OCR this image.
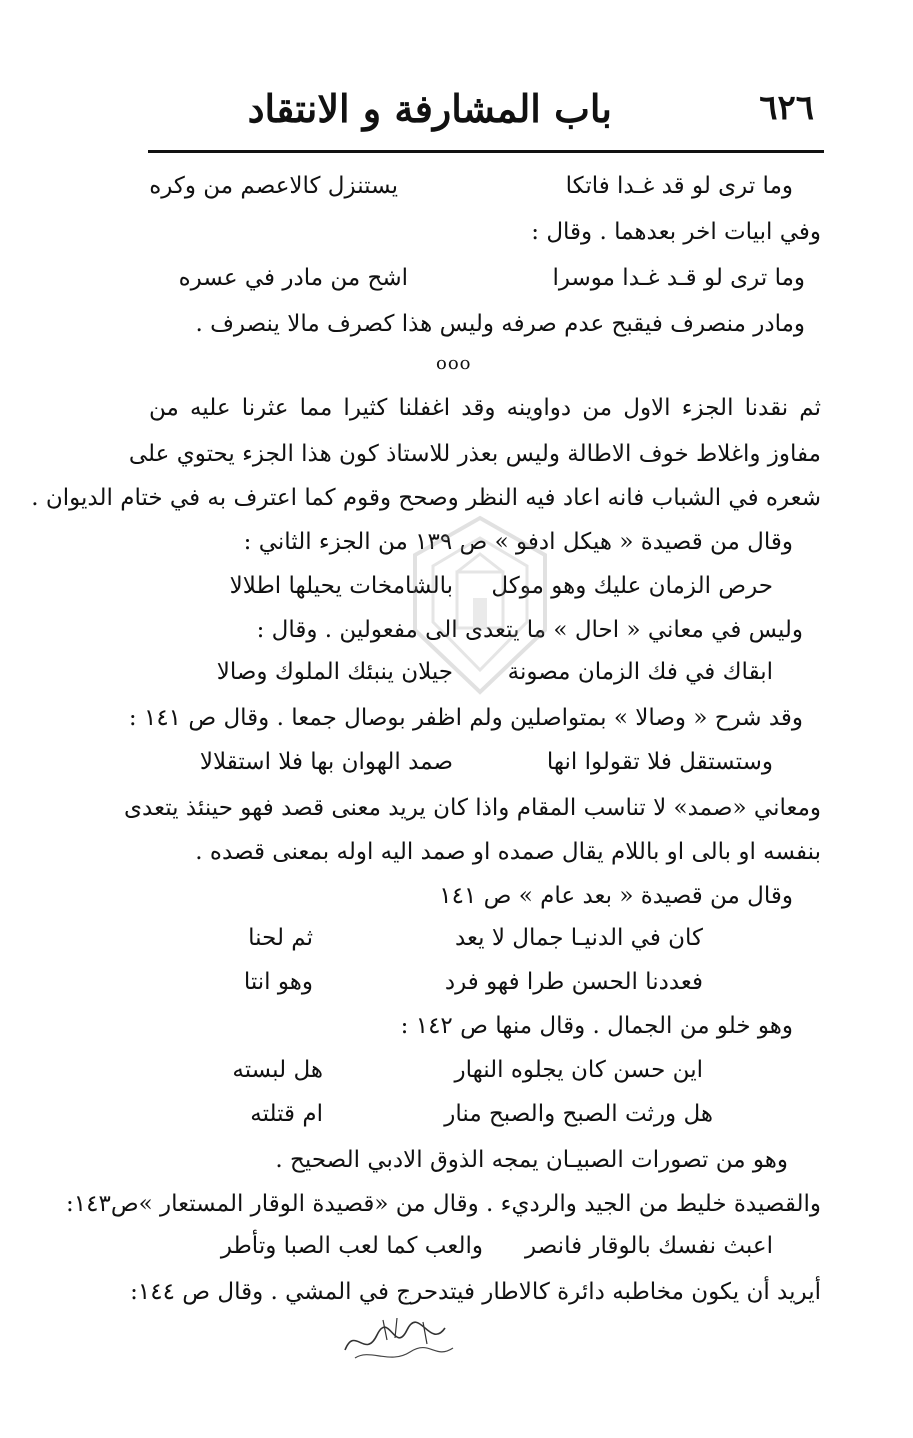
٦٢٦
باب المشارفة و الانتقاد
وما ترى لو قد غـدا فاتكا
يستنزل كالاعصم من وكره
وفي ابيات اخر بعدهما . وقال :
وما ترى لو قـد غـدا موسرا
اشح من مادر في عسره
ومادر منصرف فيقبح عدم صرفه وليس هذا كصرف مالا ينصرف .
ooo
ثم نقدنا الجزء الاول من دواوينه وقد اغفلنا كثيرا مما عثرنا عليه من
مفاوز واغلاط خوف الاطالة وليس بعذر للاستاذ كون هذا الجزء يحتوي على
شعره في الشباب فانه اعاد فيه النظر وصحح وقوم كما اعترف به في ختام الديوان .
وقال من قصيدة « هيكل ادفو » ص ١٣٩ من الجزء الثاني :
حرص الزمان عليك وهو موكل
بالشامخات يحيلها اطلالا
وليس في معاني « احال » ما يتعدى الى مفعولين . وقال :
ابقاك في فك الزمان مصونة
جيلان ينبئك الملوك وصالا
وقد شرح « وصالا » بمتواصلين ولم اظفر بوصال جمعا . وقال ص ١٤١ :
وستستقل فلا تقولوا انها
صمد الهوان بها فلا استقلالا
ومعاني «صمد» لا تناسب المقام واذا كان يريد معنى قصد فهو حينئذ يتعدى
بنفسه او بالى او باللام يقال صمده او صمد اليه اوله بمعنى قصده .
وقال من قصيدة « بعد عام » ص ١٤١
كان في الدنيـا جمال لا يعد
ثم لحنا
فعددنا الحسن طرا فهو فرد
وهو انتا
وهو خلو من الجمال . وقال منها ص ١٤٢ :
اين حسن كان يجلوه النهار
هل لبسته
هل ورثت الصبح والصبح منار
ام قتلته
وهو من تصورات الصبيـان يمجه الذوق الادبي الصحيح .
والقصيدة خليط من الجيد والرديء . وقال من «قصيدة الوقار المستعار »ص١٤٣:
اعبث نفسك بالوقار فانصر
والعب كما لعب الصبا وتأطر
أيريد أن يكون مخاطبه دائرة كالاطار فيتدحرج في المشي . وقال ص ١٤٤:
